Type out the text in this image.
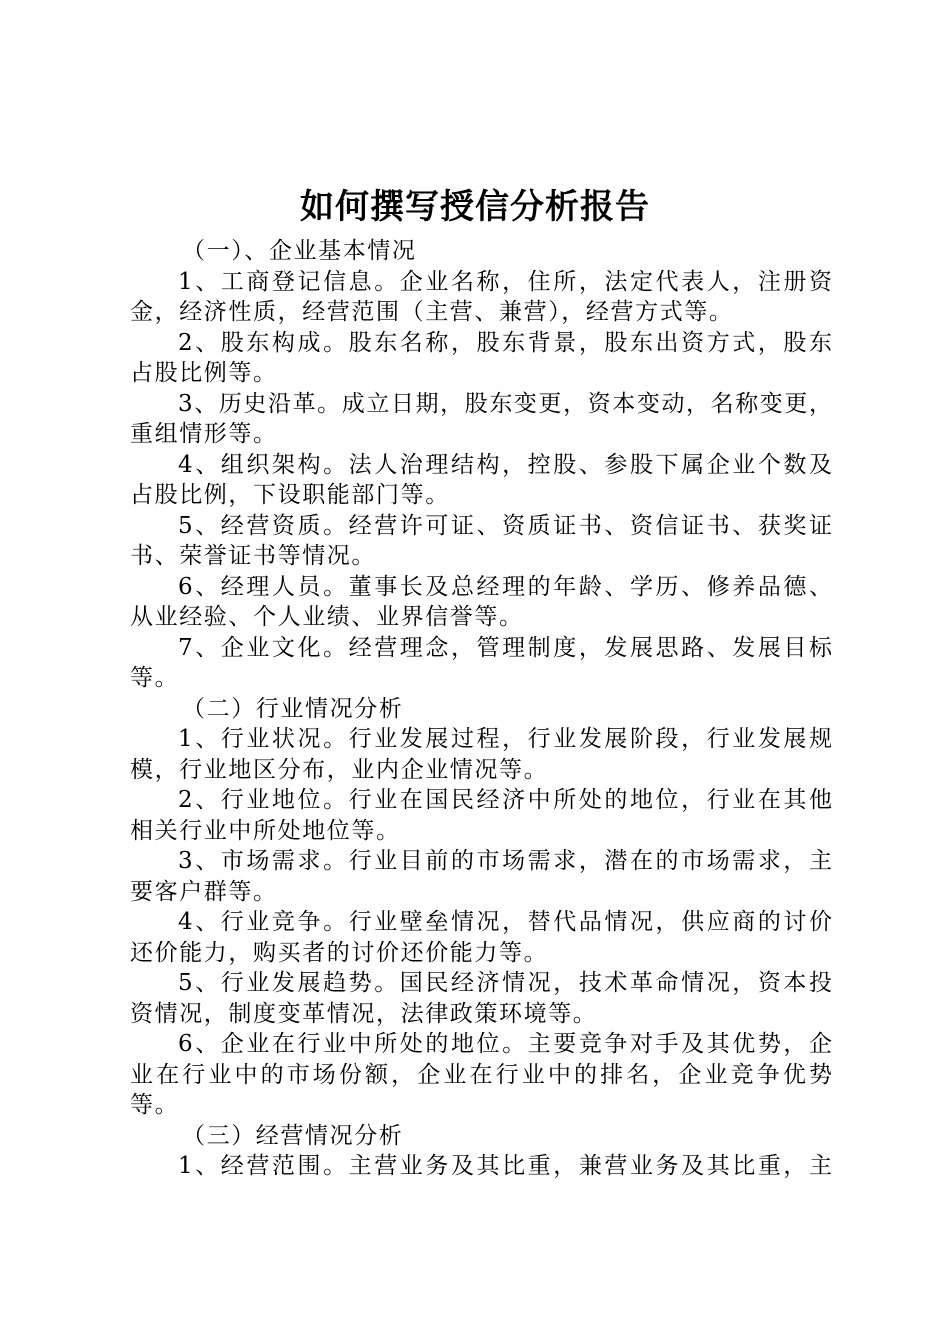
如何撰写授信分析报告
（一）、企业基本情况
1、工商登记信息。企业名称，住所，法定代表人，注册资
金，经济性质，经营范围（主营、兼营），经营方式等。
2、股东构成。股东名称，股东背景，股东出资方式，股东
占股比例等。
3、历史沿革。成立日期，股东变更，资本变动，名称变更，
重组情形等。
4、组织架构。法人治理结构，控股、参股下属企业个数及
占股比例，下设职能部门等。
5、经营资质。经营许可证、资质证书、资信证书、获奖证
书、荣誉证书等情况。
6、经理人员。董事长及总经理的年龄、学历、修养品德、
从业经验、个人业绩、业界信誉等。
7、企业文化。经营理念，管理制度，发展思路、发展目标
等。
（二）行业情况分析
1、行业状况。行业发展过程，行业发展阶段，行业发展规
模，行业地区分布，业内企业情况等。
2、行业地位。行业在国民经济中所处的地位，行业在其他
相关行业中所处地位等。
3、市场需求。行业目前的市场需求，潜在的市场需求，主
要客户群等。
4、行业竞争。行业壁垒情况，替代品情况，供应商的讨价
还价能力，购买者的讨价还价能力等。
5、行业发展趋势。国民经济情况，技术革命情况，资本投
资情况，制度变革情况，法律政策环境等。
6、企业在行业中所处的地位。主要竞争对手及其优势，企
业在行业中的市场份额，企业在行业中的排名，企业竞争优势
等。
（三）经营情况分析
1、经营范围。主营业务及其比重，兼营业务及其比重，主
